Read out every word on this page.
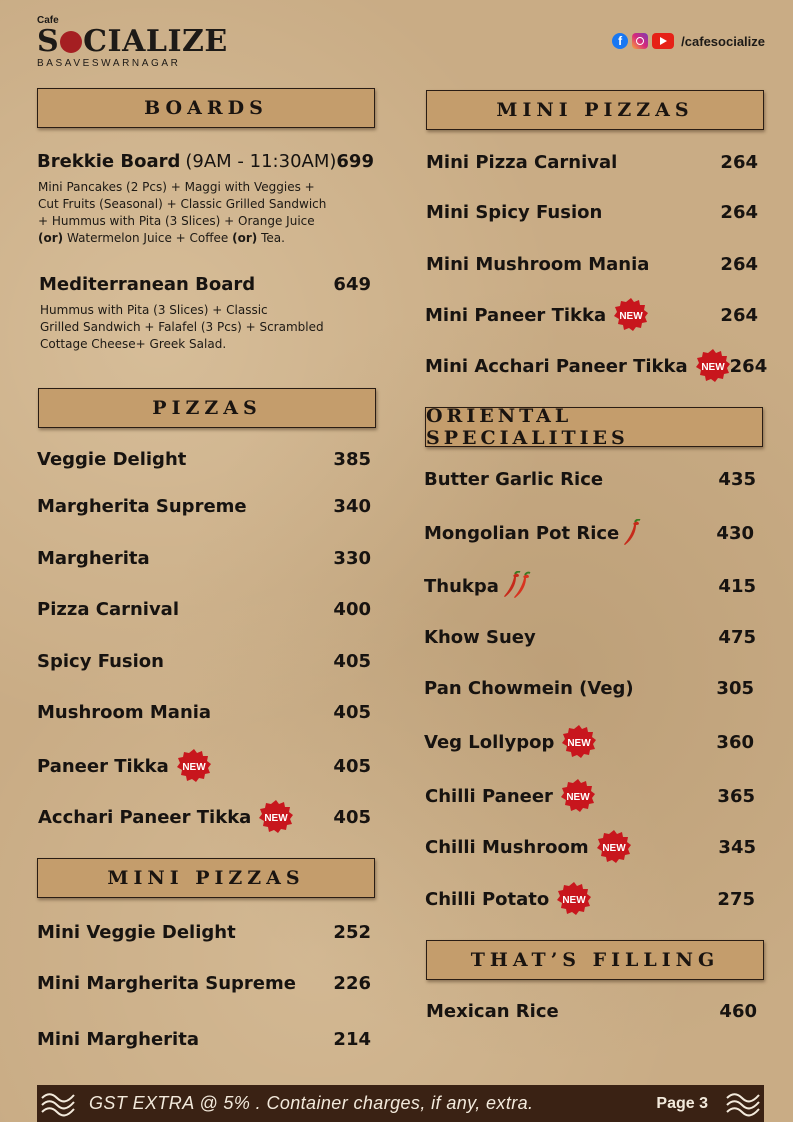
Cafe
S CIALIZE
BASAVESWARNAGAR
f	/cafesocialize
BOARDS
Brekkie Board (9AM - 11:30AM) 699
Mini Pancakes (2 Pcs) + Maggi with Veggies +
Cut Fruits (Seasonal) + Classic Grilled Sandwich
+ Hummus with Pita (3 Slices) + Orange Juice
(or) Watermelon Juice + Coffee (or) Tea.
Mediterranean Board	649
Hummus with Pita (3 Slices) + Classic
Grilled Sandwich + Falafel (3 Pcs) + Scrambled
Cottage Cheese+ Greek Salad.
PIZZAS
Veggie Delight	385
Margherita Supreme	340
Margherita	330
Pizza Carnival	400
Spicy Fusion	405
Mushroom Mania	405
Paneer Tikka	405
Acchari Paneer Tikka	405
MINI PIZZAS
Mini Veggie Delight	252
Mini Margherita Supreme 226
Mini Margherita	214
MINI PIZZAS
Mini Pizza Carnival	264
Mini Spicy Fusion	264
Mini Mushroom Mania	264
Mini Paneer Tikka	264
Mini Acchari Paneer Tikka 264
ORIENTAL SPECIALITIES
Butter Garlic Rice	435
Mongolian Pot Rice	430
Thukpa	415
Khow Suey	475
Pan Chowmein (Veg)	305
Veg Lollypop	360
Chilli Paneer	365
Chilli Mushroom	345
Chilli Potato	275
THAT’S FILLING
Mexican Rice	460
GST EXTRA @ 5% . Container charges, if any, extra.	Page 3
